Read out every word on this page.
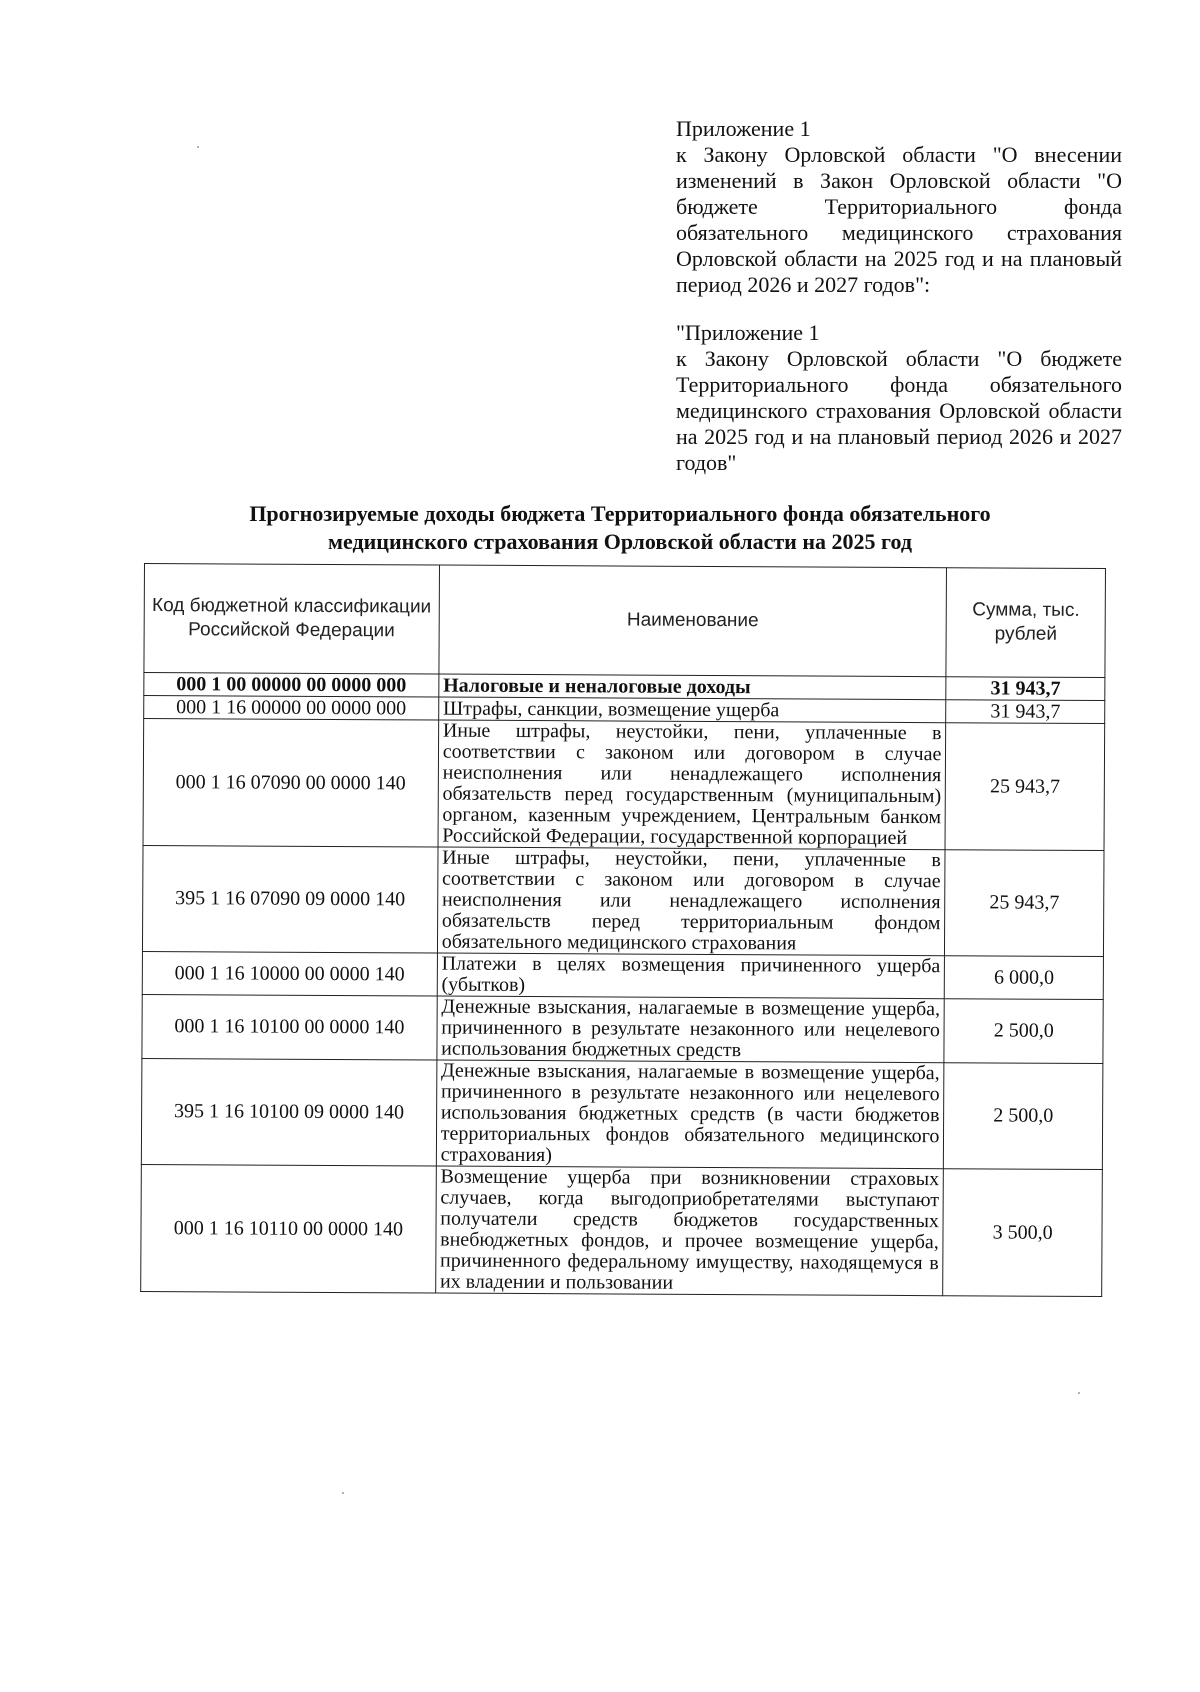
Приложение 1

к Закону Орловской области "О внесении изменений в Закон Орловской области "О бюджете Территориального фонда обязательного медицинского страхования Орловской области на 2025 год и на плановый период 2026 и 2027 годов":

"Приложение 1

к Закону Орловской области "О бюджете Территориального фонда обязательного медицинского страхования Орловской области на 2025 год и на плановый период 2026 и 2027 годов"

Прогнозируемые доходы бюджета Территориального фонда обязательного
медицинского страхования Орловской области на 2025 год
Код бюджетной классификации Российской Федерации	Наименование	Сумма, тыс. рублей
000 1 00 00000 00 0000 000	Налоговые и неналоговые доходы	31 943,7
000 1 16 00000 00 0000 000	Штрафы, санкции, возмещение ущерба	31 943,7
000 1 16 07090 00 0000 140	Иные штрафы, неустойки, пени, уплаченные в соответствии с законом или договором в случае неисполнения или ненадлежащего исполнения обязательств перед государственным (муниципальным) органом, казенным учреждением, Центральным банком Российской Федерации, государственной корпорацией	25 943,7
395 1 16 07090 09 0000 140	Иные штрафы, неустойки, пени, уплаченные в соответствии с законом или договором в случае неисполнения или ненадлежащего исполнения обязательств перед территориальным фондом обязательного медицинского страхования	25 943,7
000 1 16 10000 00 0000 140	Платежи в целях возмещения причиненного ущерба (убытков)	6 000,0
000 1 16 10100 00 0000 140	Денежные взыскания, налагаемые в возмещение ущерба, причиненного в результате незаконного или нецелевого использования бюджетных средств	2 500,0
395 1 16 10100 09 0000 140	Денежные взыскания, налагаемые в возмещение ущерба, причиненного в результате незаконного или нецелевого использования бюджетных средств (в части бюджетов территориальных фондов обязательного медицинского страхования)	2 500,0
000 1 16 10110 00 0000 140	Возмещение ущерба при возникновении страховых случаев, когда выгодоприобретателями выступают получатели средств бюджетов государственных внебюджетных фондов, и прочее возмещение ущерба, причиненного федеральному имуществу, находящемуся в их владении и пользовании	3 500,0
